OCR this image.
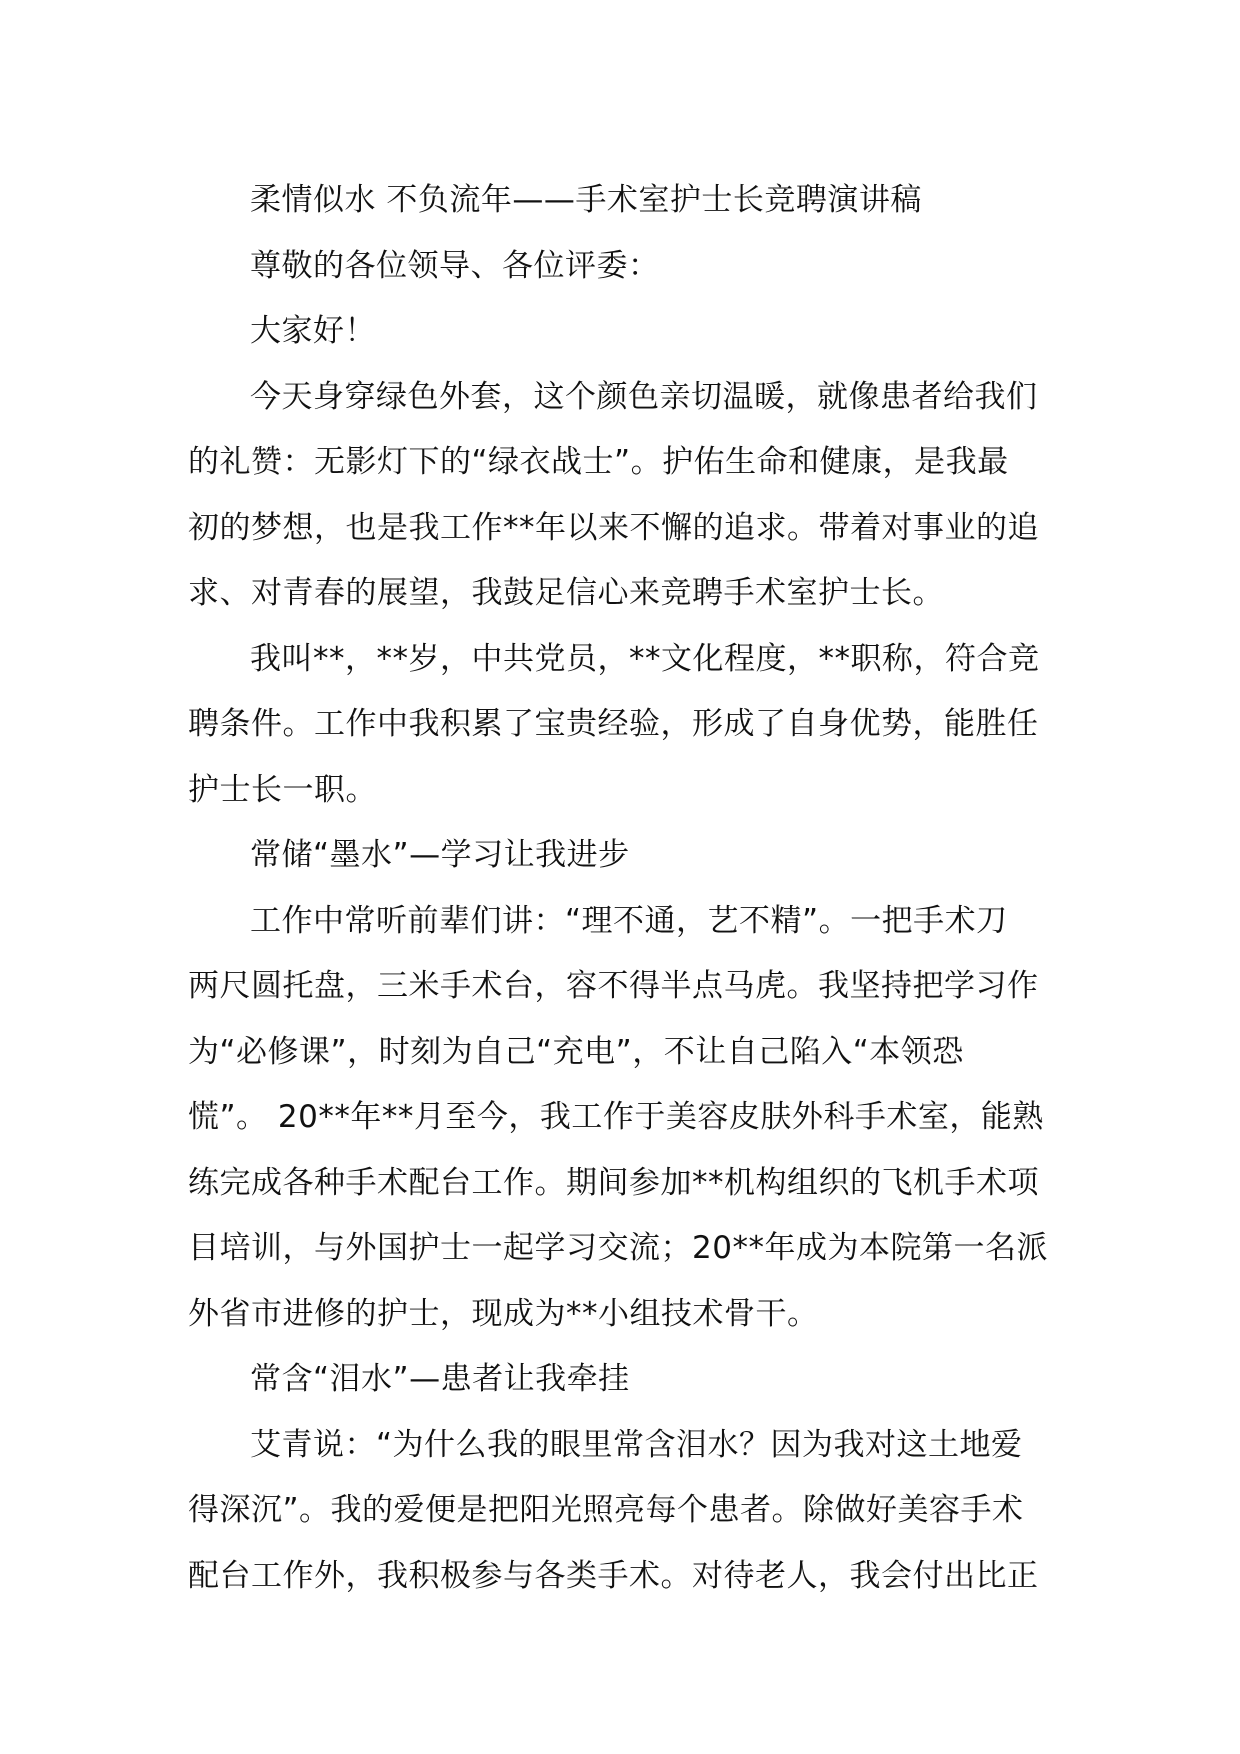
柔情似水 不负流年——手术室护士长竞聘演讲稿
尊敬的各位领导、各位评委：
大家好！
今天身穿绿色外套，这个颜色亲切温暖，就像患者给我们
的礼赞：无影灯下的“绿衣战士”。护佑生命和健康，是我最
初的梦想，也是我工作**年以来不懈的追求。带着对事业的追
求、对青春的展望，我鼓足信心来竞聘手术室护士长。
我叫**，**岁，中共党员，**文化程度，**职称，符合竞
聘条件。工作中我积累了宝贵经验，形成了自身优势，能胜任
护士长一职。
常储“墨水”—学习让我进步
工作中常听前辈们讲：“理不通，艺不精”。一把手术刀
两尺圆托盘，三米手术台，容不得半点马虎。我坚持把学习作
为“必修课”，时刻为自己“充电”，不让自己陷入“本领恐
慌”。 20**年**月至今，我工作于美容皮肤外科手术室，能熟
练完成各种手术配台工作。期间参加**机构组织的飞机手术项
目培训，与外国护士一起学习交流；20**年成为本院第一名派
外省市进修的护士，现成为**小组技术骨干。
常含“泪水”—患者让我牵挂
艾青说：“为什么我的眼里常含泪水？因为我对这土地爱
得深沉”。我的爱便是把阳光照亮每个患者。除做好美容手术
配台工作外，我积极参与各类手术。对待老人，我会付出比正
